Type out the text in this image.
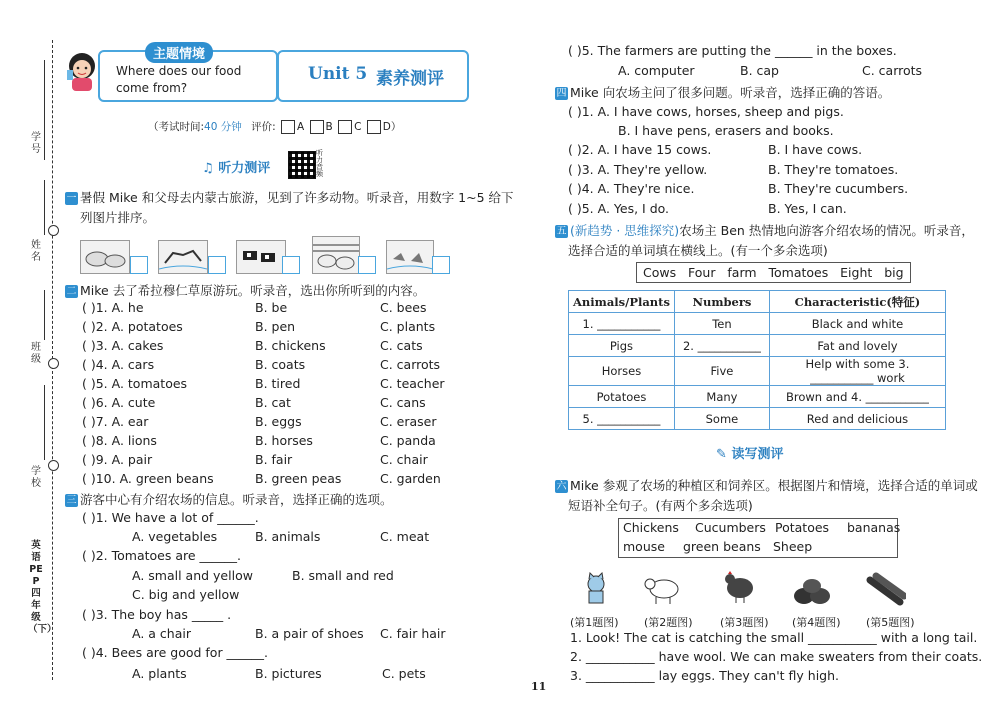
学号
姓名
班级
学校
英语 PEP 四年级（下）
主题情境
Where does our food come from?
Unit 5 素养测评
（考试时间:40 分钟 评价: A B C D）
♫ 听力测评
听力音频
一 暑假 Mike 和父母去内蒙古旅游，见到了许多动物。听录音，用数字 1~5 给下
列图片排序。
二 Mike 去了希拉穆仁草原游玩。听录音，选出你所听到的内容。
( )1. A. he	B. be	C. bees
( )2. A. potatoes	B. pen	C. plants
( )3. A. cakes	B. chickens	C. cats
( )4. A. cars	B. coats	C. carrots
( )5. A. tomatoes	B. tired	C. teacher
( )6. A. cute	B. cat	C. cans
( )7. A. ear	B. eggs	C. eraser
( )8. A. lions	B. horses	C. panda
( )9. A. pair	B. fair	C. chair
( )10. A. green beans	B. green peas	C. garden
三 游客中心有介绍农场的信息。听录音，选择正确的选项。
( )1. We have a lot of ______.
A. vegetables	B. animals	C. meat
( )2. Tomatoes are ______.
A. small and yellow	B. small and red
C. big and yellow
( )3. The boy has _____ .
A. a chair	B. a pair of shoes C. fair hair
( )4. Bees are good for ______.
A. plants	B. pictures	C. pets
( )5. The farmers are putting the ______ in the boxes.
A. computer	B. cap	C. carrots
四 Mike 向农场主问了很多问题。听录音，选择正确的答语。
( )1. A. I have cows, horses, sheep and pigs.
B. I have pens, erasers and books.
( )2. A. I have 15 cows.	B. I have cows.
( )3. A. They're yellow.	B. They're tomatoes.
( )4. A. They're nice.	B. They're cucumbers.
( )5. A. Yes, I do.	B. Yes, I can.
五 (新趋势 · 思维探究)农场主 Ben 热情地向游客介绍农场的情况。听录音，
选择合适的单词填在横线上。(有一个多余选项)
Cows   Four   farm   Tomatoes   Eight   big
Animals/Plants	Numbers	Characteristic(特征)
1. ___________	Ten	Black and white
Pigs	2. ___________	Fat and lovely
Horses	Five	Help with some 3. ___________ work
Potatoes	Many	Brown and 4. ___________
5. ___________	Some	Red and delicious
✎ 读写测评
六 Mike 参观了农场的种植区和饲养区。根据图片和情境，选择合适的单词或
短语补全句子。(有两个多余选项)
Chickens Cucumbers Potatoes bananas
mouse green beans Sheep
(第1题图) (第2题图) (第3题图) (第4题图) (第5题图)
1. Look! The cat is catching the small ___________ with a long tail.
2. ___________ have wool. We can make sweaters from their coats.
3. ___________ lay eggs. They can't fly high.
11
